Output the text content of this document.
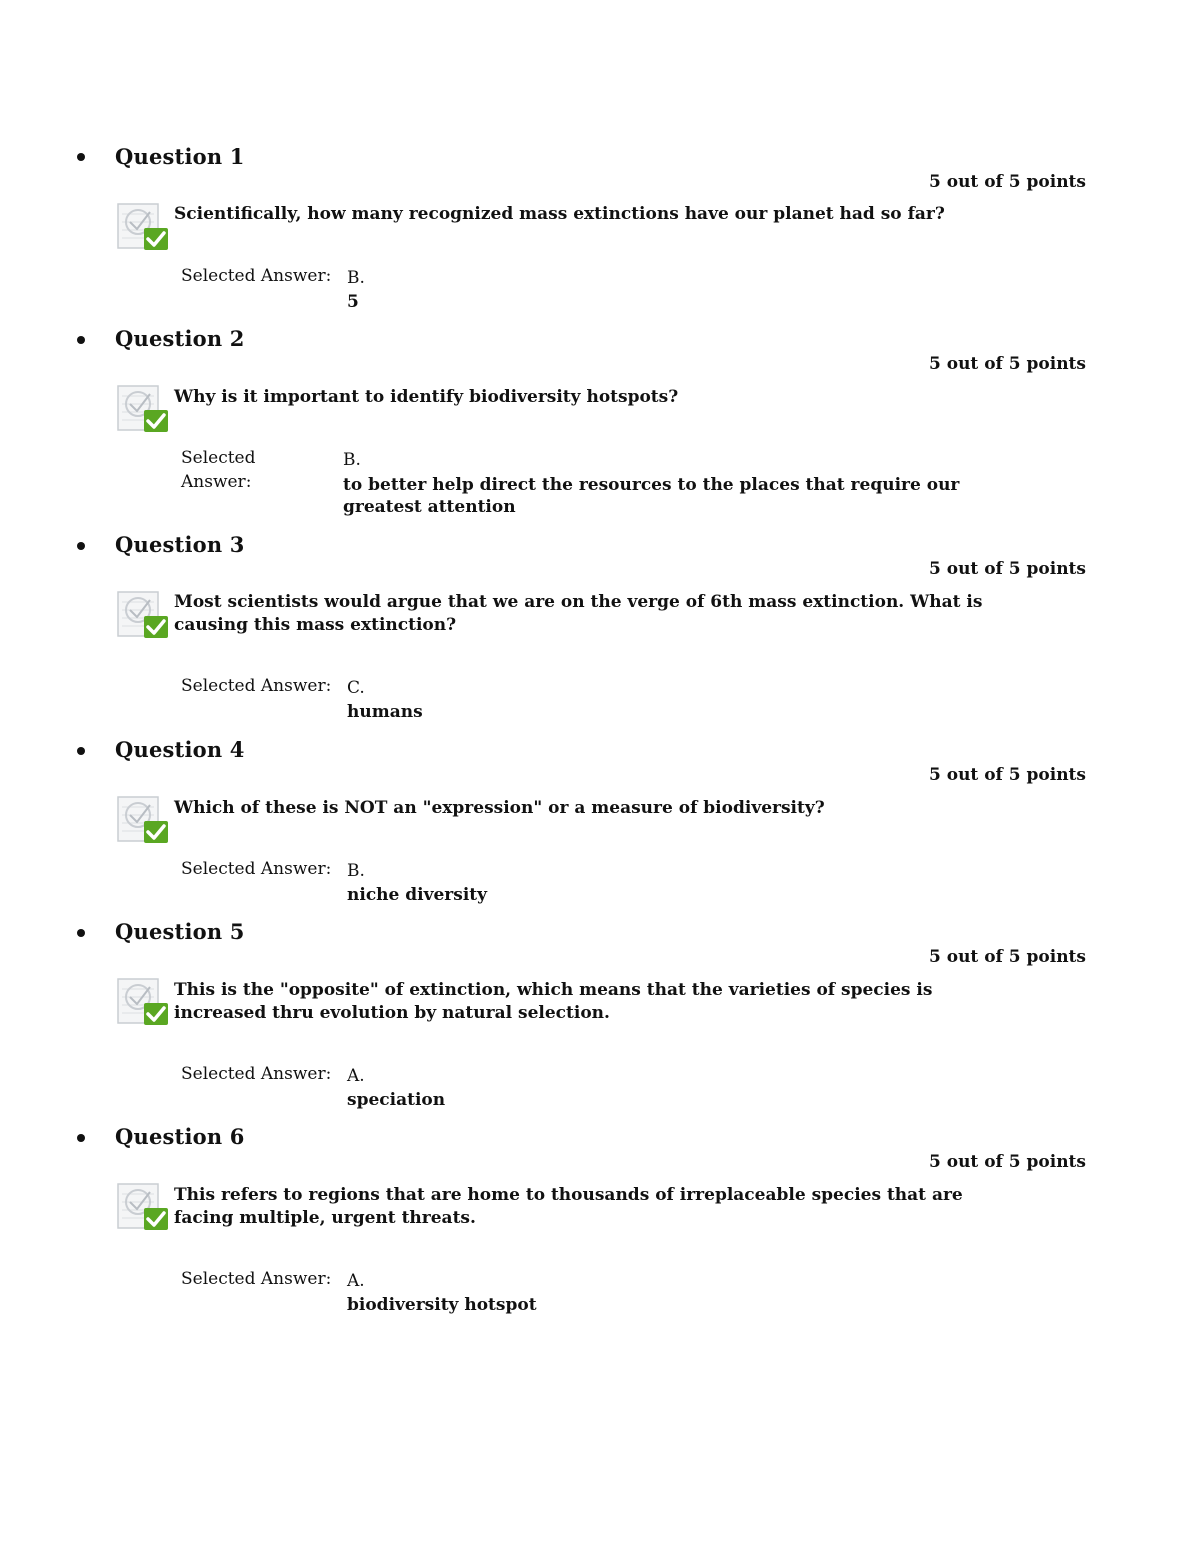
Question 1
5 out of 5 points
Scientifically, how many recognized mass extinctions have our planet had so far?
Selected Answer: B.
5
Question 2
5 out of 5 points
Why is it important to identify biodiversity hotspots?
Selected
Answer:
B.
to better help direct the resources to the places that require our greatest attention
Question 3
5 out of 5 points
Most scientists would argue that we are on the verge of 6th mass extinction. What is causing this mass extinction?
Selected Answer: C.
humans
Question 4
5 out of 5 points
Which of these is NOT an "expression" or a measure of biodiversity?
Selected Answer: B.
niche diversity
Question 5
5 out of 5 points
This is the "opposite" of extinction, which means that the varieties of species is increased thru evolution by natural selection.
Selected Answer: A.
speciation
Question 6
5 out of 5 points
This refers to regions that are home to thousands of irreplaceable species that are facing multiple, urgent threats.
Selected Answer: A.
biodiversity hotspot
